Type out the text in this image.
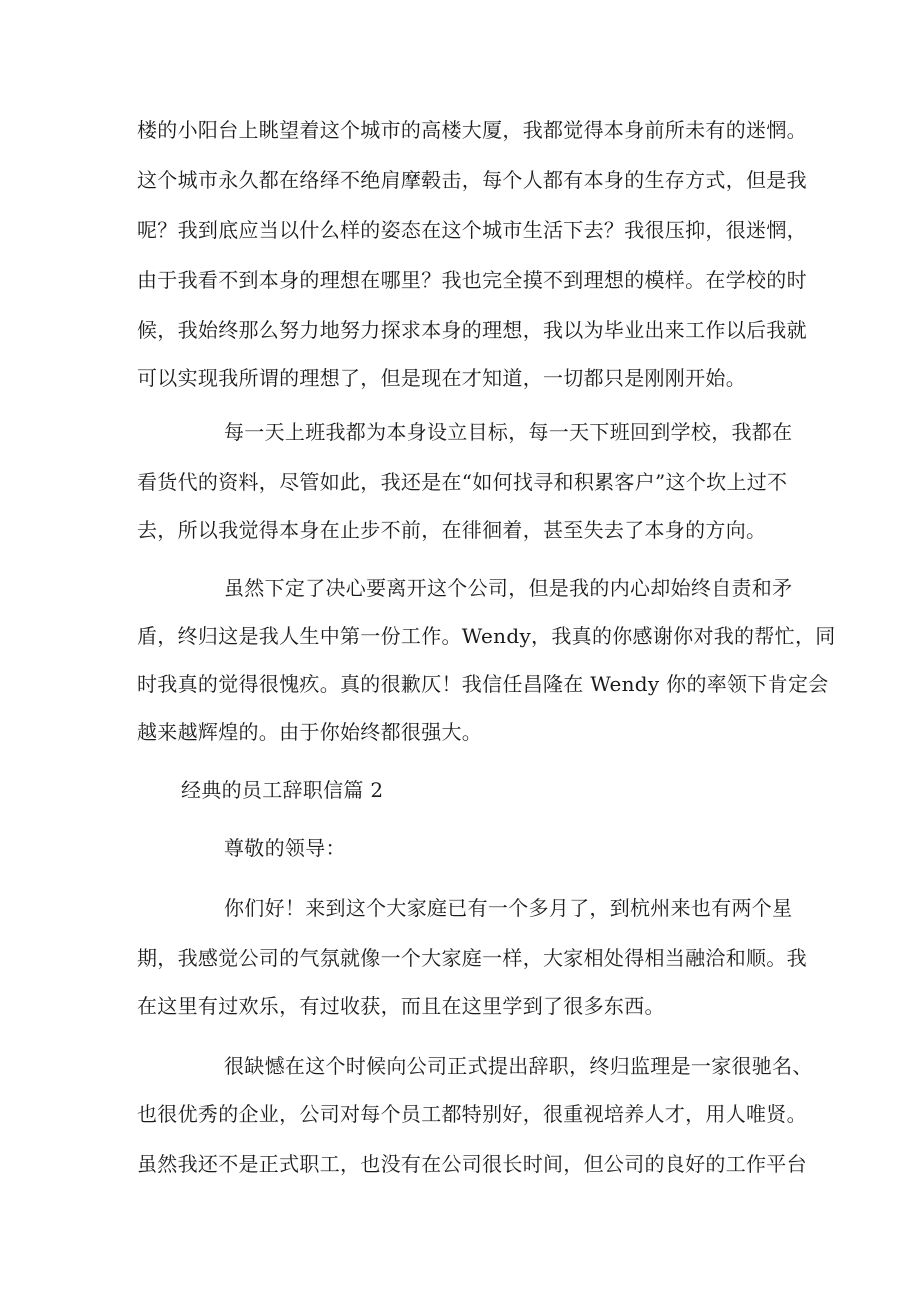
楼的小阳台上眺望着这个城市的高楼大厦，我都觉得本身前所未有的迷惘。
这个城市永久都在络绎不绝肩摩毂击，每个人都有本身的生存方式，但是我
呢？我到底应当以什么样的姿态在这个城市生活下去？我很压抑，很迷惘，
由于我看不到本身的理想在哪里？我也完全摸不到理想的模样。在学校的时
候，我始终那么努力地努力探求本身的理想，我以为毕业出来工作以后我就
可以实现我所谓的理想了，但是现在才知道，一切都只是刚刚开始。
每一天上班我都为本身设立目标，每一天下班回到学校，我都在
看货代的资料，尽管如此，我还是在“如何找寻和积累客户”这个坎上过不
去，所以我觉得本身在止步不前，在徘徊着，甚至失去了本身的方向。
虽然下定了决心要离开这个公司，但是我的内心却始终自责和矛
盾，终归这是我人生中第一份工作。Wendy，我真的你感谢你对我的帮忙，同
时我真的觉得很愧疚。真的很歉仄！我信任昌隆在 Wendy 你的率领下肯定会
越来越辉煌的。由于你始终都很强大。
经典的员工辞职信篇 2
尊敬的领导：
你们好！来到这个大家庭已有一个多月了，到杭州来也有两个星
期，我感觉公司的气氛就像一个大家庭一样，大家相处得相当融洽和顺。我
在这里有过欢乐，有过收获，而且在这里学到了很多东西。
很缺憾在这个时候向公司正式提出辞职，终归监理是一家很驰名、
也很优秀的企业，公司对每个员工都特别好，很重视培养人才，用人唯贤。
虽然我还不是正式职工，也没有在公司很长时间，但公司的良好的工作平台
